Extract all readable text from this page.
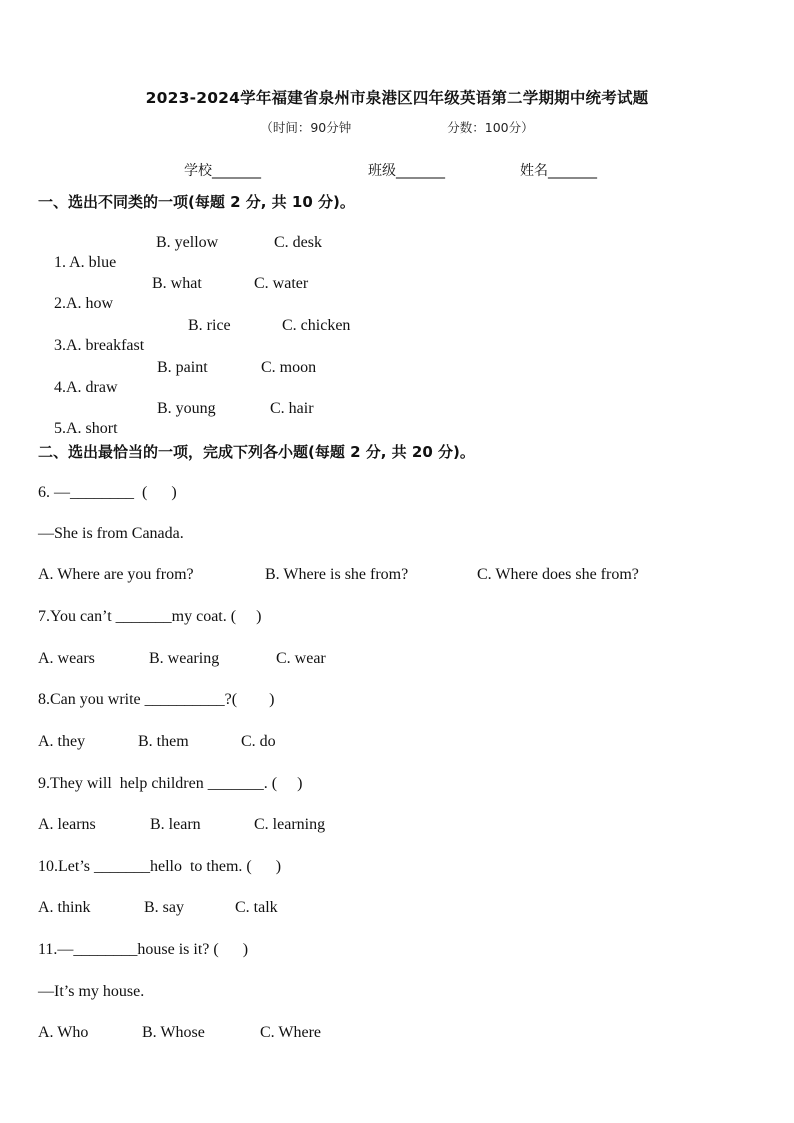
2023-2024学年福建省泉州市泉港区四年级英语第二学期期中统考试题
（时间：90分钟	分数：100分）
学校_______	班级_______	姓名_______
一、选出不同类的一项(每题 2 分, 共 10 分)。

1. A. blue

B. yellow	C. desk

2.A. how

B. what	C. water

3.A. breakfast

B. rice	C. chicken

4.A. draw

B. paint	C. moon

5.A. short

B. young	C. hair
二、选出最恰当的一项，完成下列各小题(每题 2 分, 共 20 分)。
6. —________  (      )
—She is from Canada.
A. Where are you from?	B. Where is she from?	C. Where does she from?
7.You can’t _______my coat. (     )
A. wears	B. wearing	C. wear
8.Can you write __________?(        )
A. they	B. them	C. do
9.They will  help children _______. (     )
A. learns	B. learn	C. learning
10.Let’s _______hello  to them. (      )
A. think	B. say	C. talk
11.—________house is it? (      )
—It’s my house.
A. Who	B. Whose	C. Where
